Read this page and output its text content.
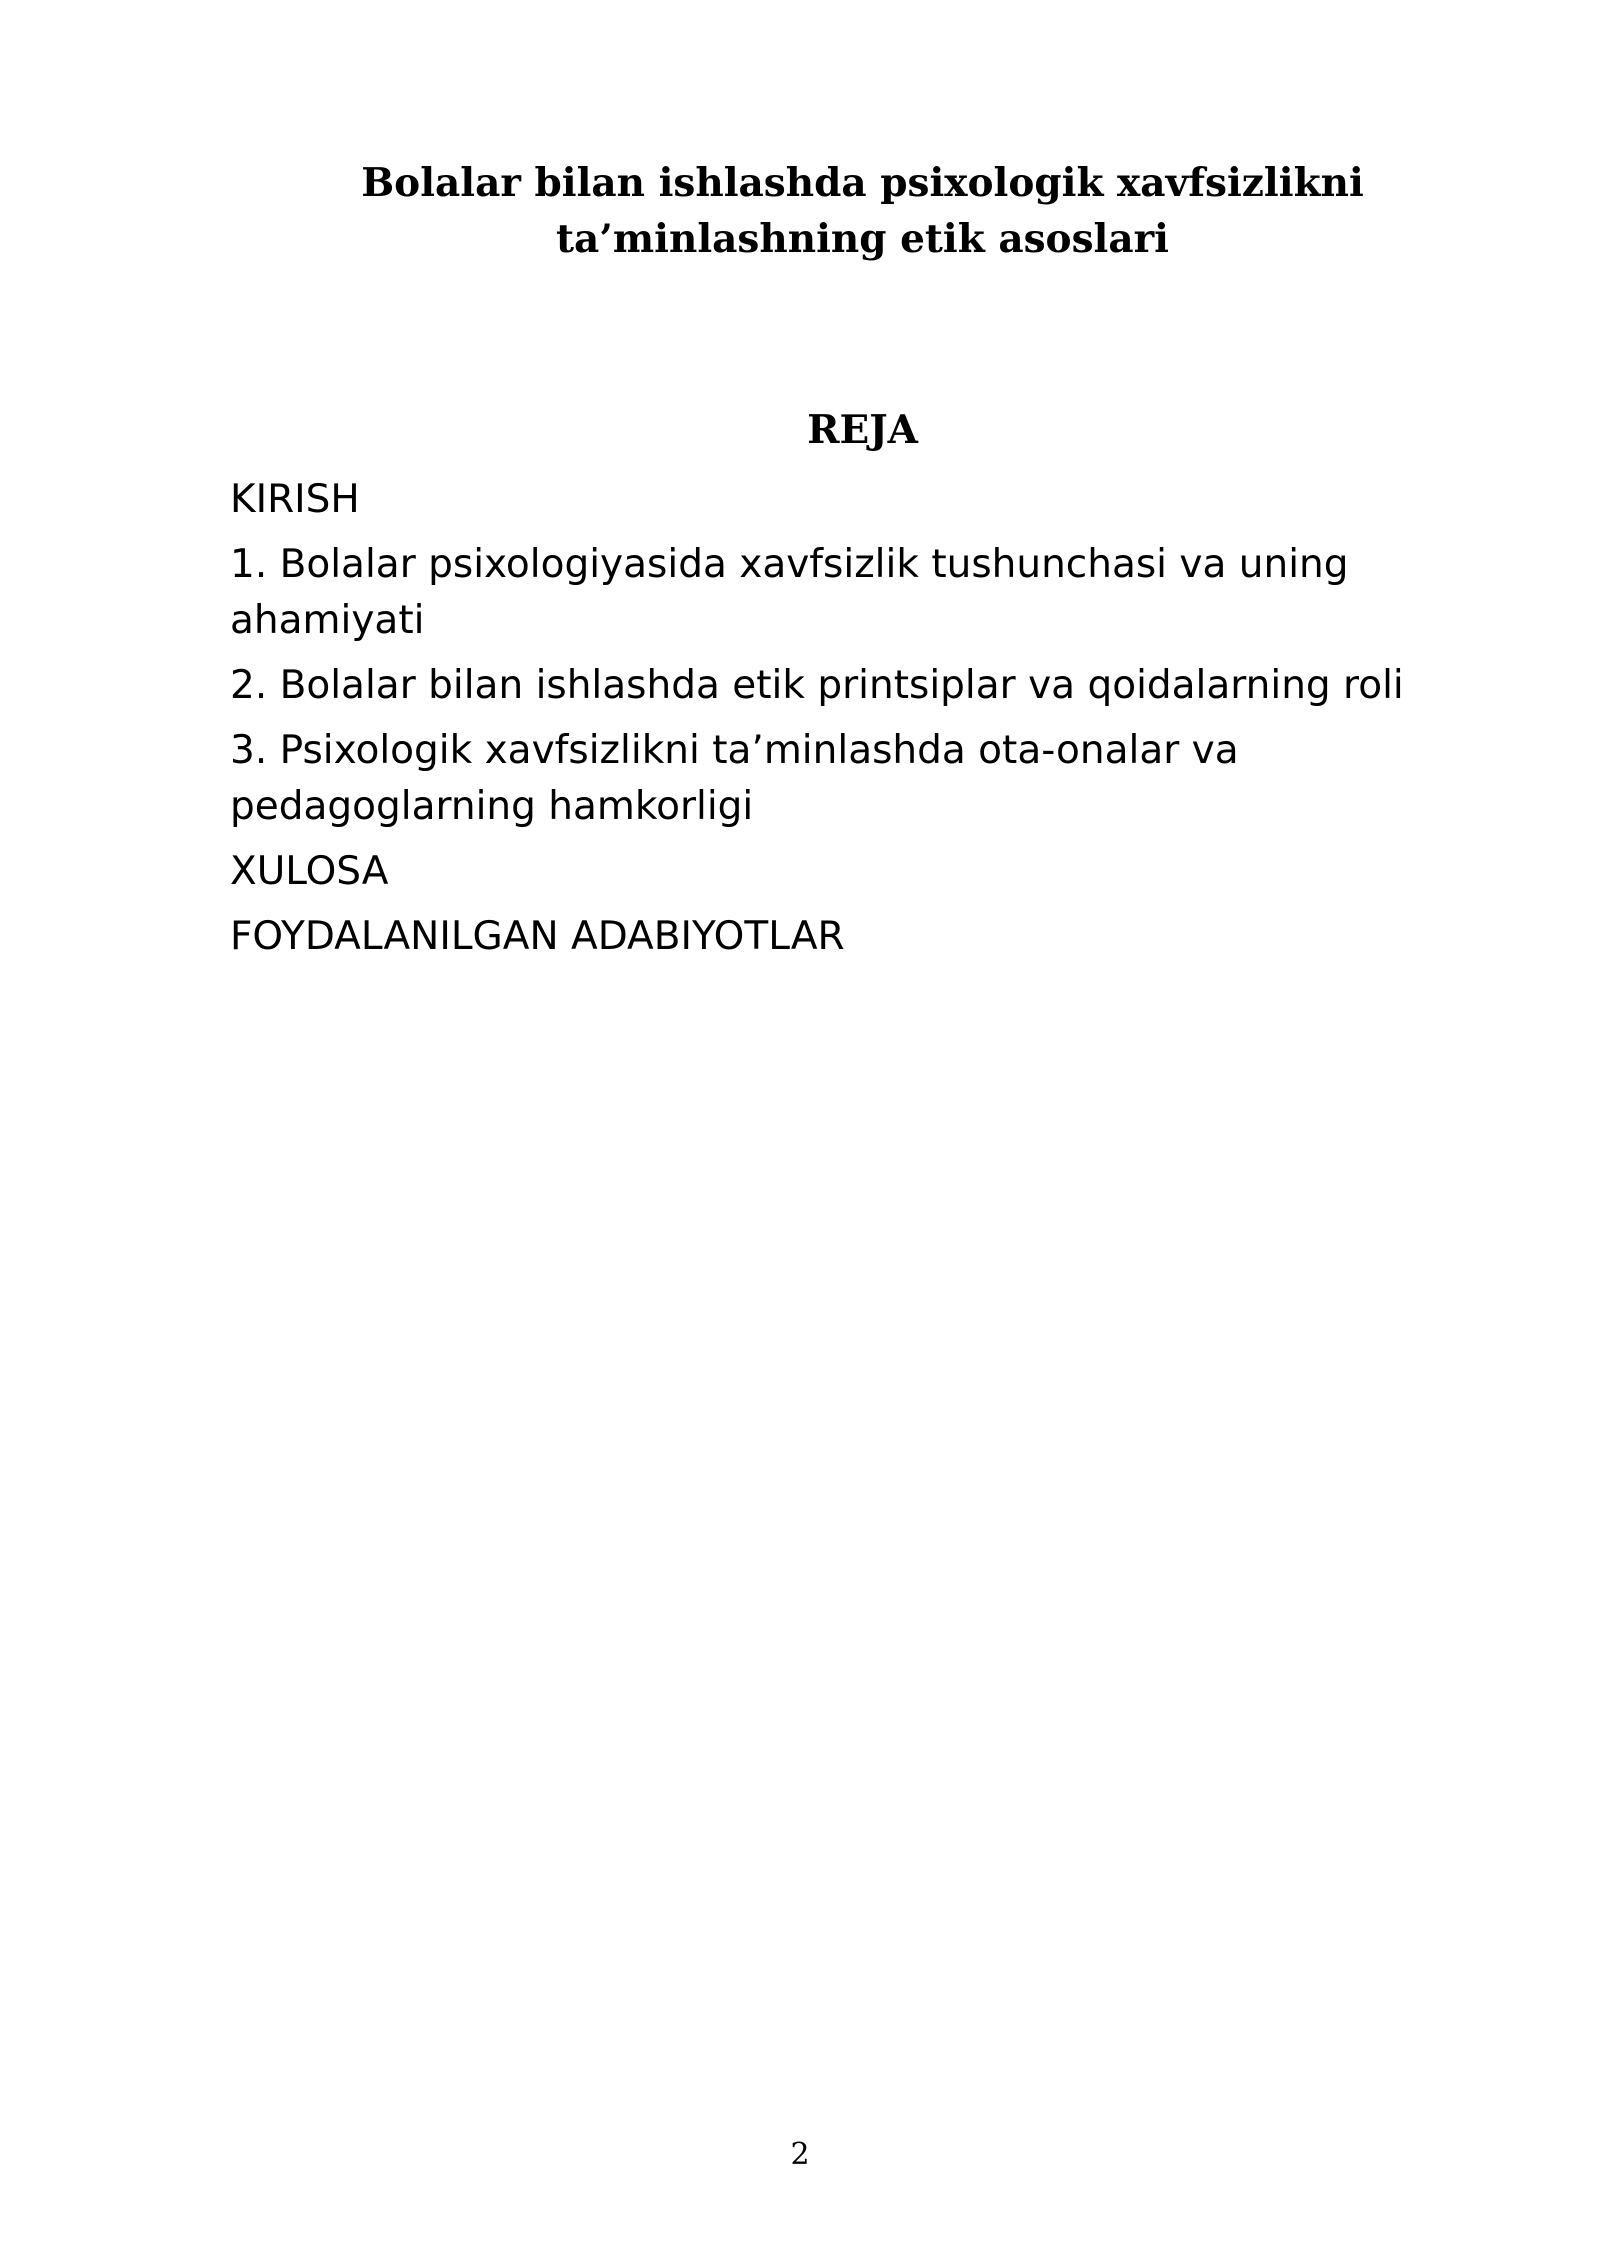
Bolalar bilan ishlashda psixologik xavfsizlikni
ta’minlashning etik asoslari
REJA
KIRISH
1. Bolalar psixologiyasida xavfsizlik tushunchasi va uning ahamiyati
2. Bolalar bilan ishlashda etik printsiplar va qoidalarning roli
3. Psixologik xavfsizlikni ta’minlashda ota-onalar va pedagoglarning hamkorligi
XULOSA
FOYDALANILGAN ADABIYOTLAR
2
